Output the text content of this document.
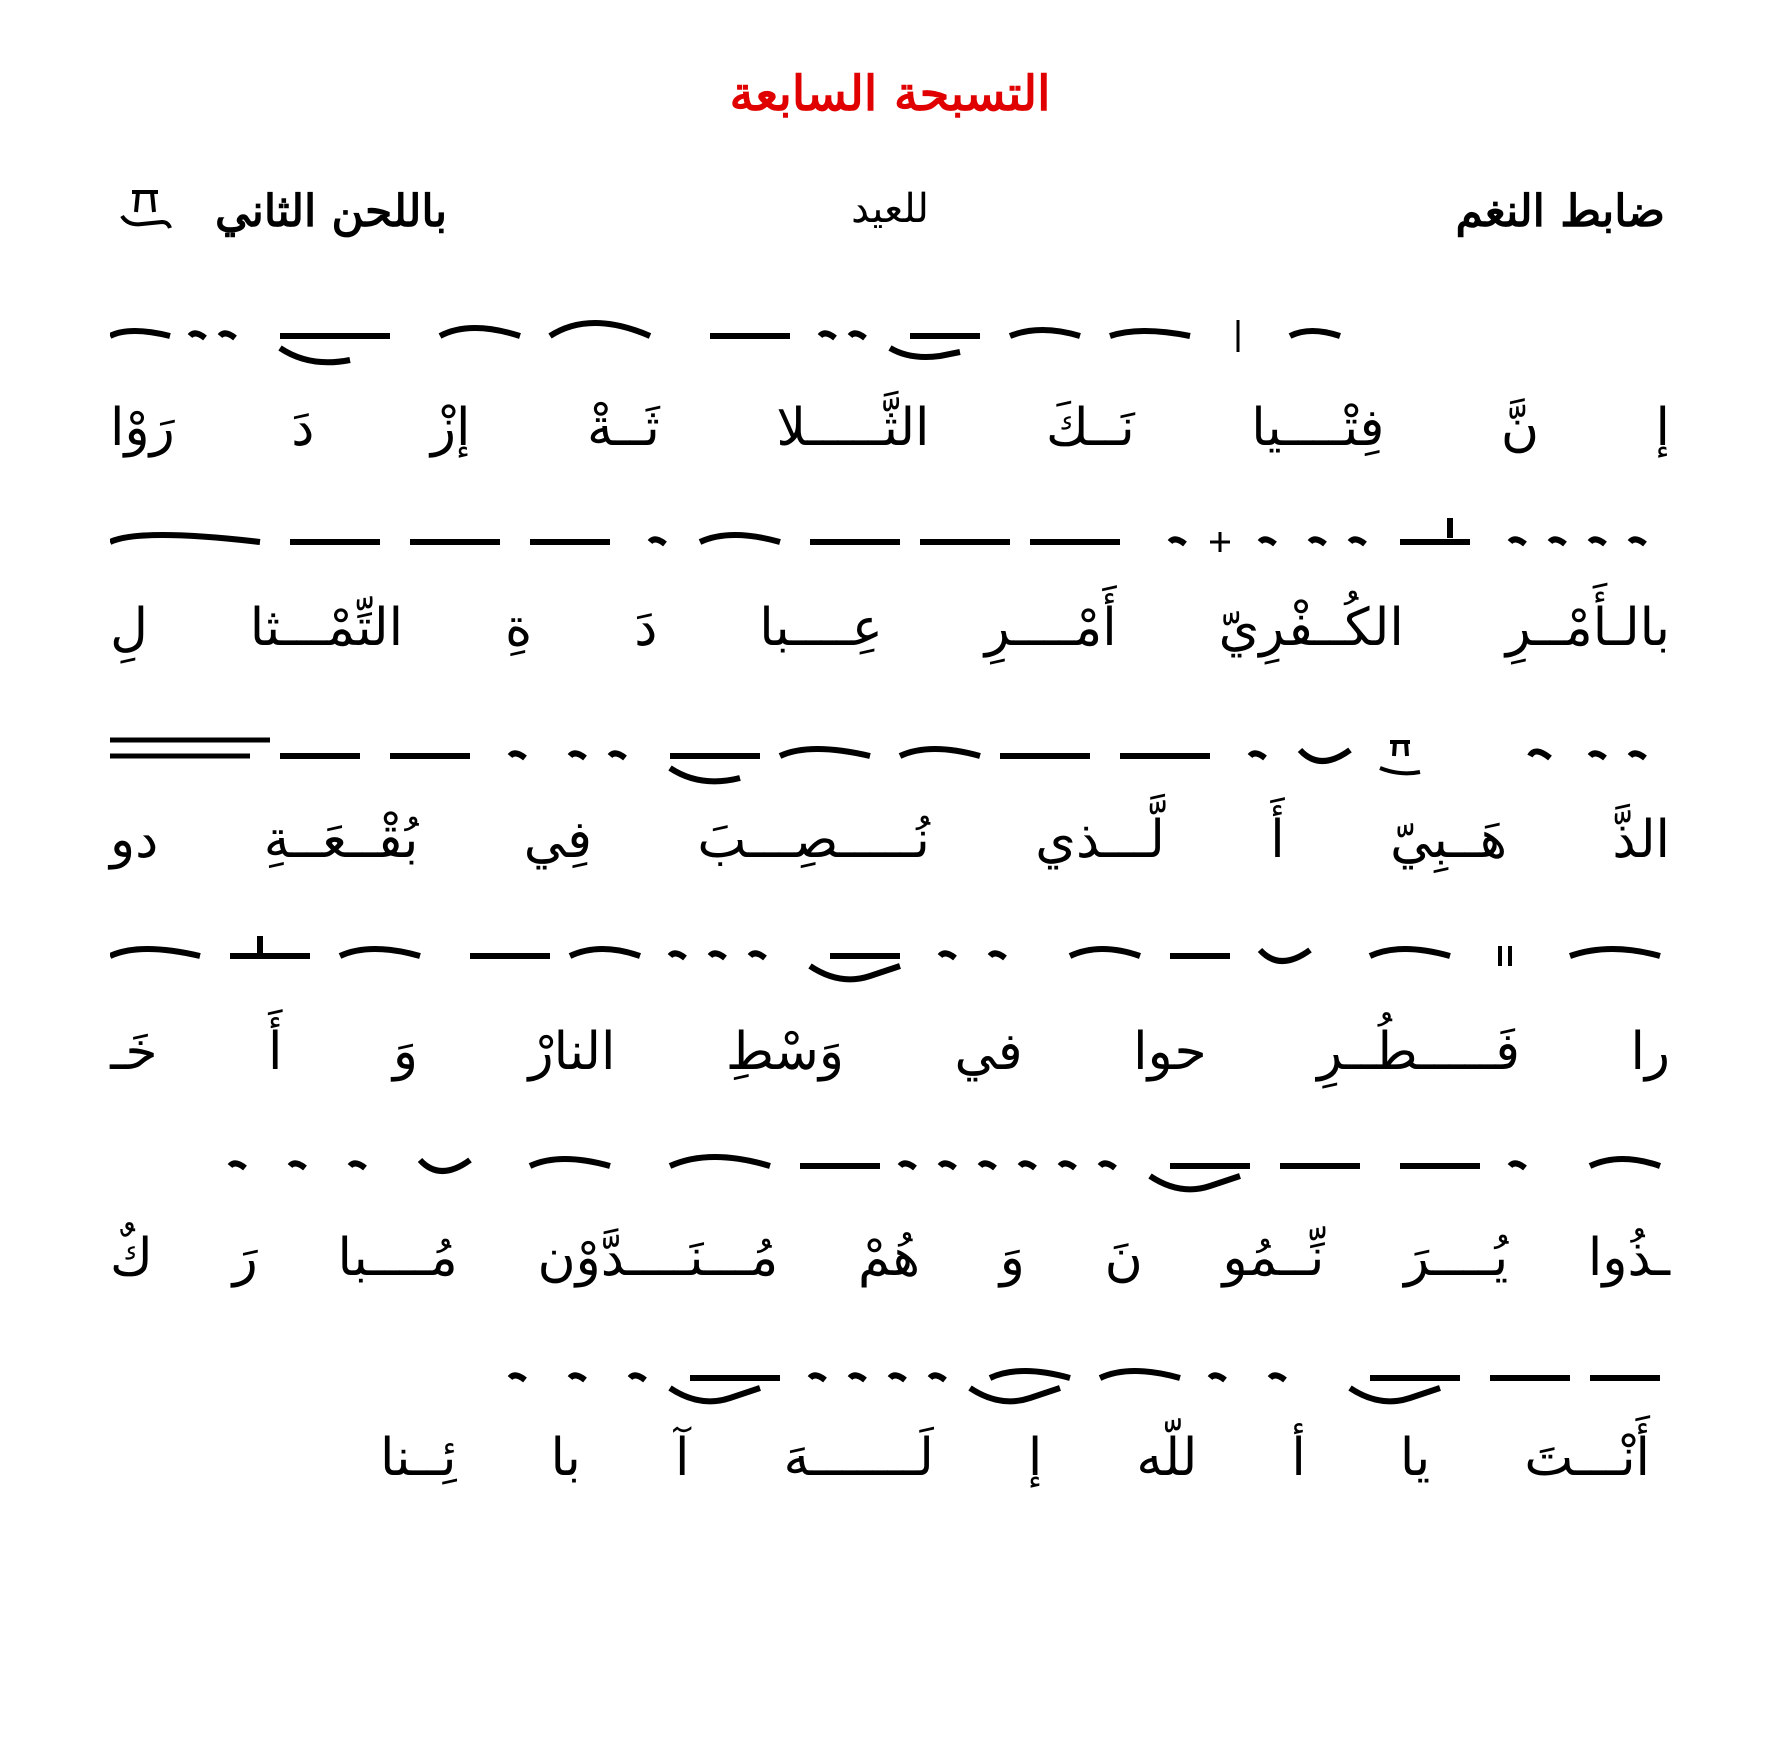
التسبحة السابعة
ضابط النغم
للعيد
باللحن الثاني
إ
نَّ
فِتْــــيا
نَــكَ
الثَّـــــلا
ثَــةْ
إزْ
دَ
رَوْا
بالـأَمْــرِ
الكُــفْرِيّ
أَمْــــرِ
عِــــبا
دَ
ةِ
التِّمْـــثا
لِ
الذَّ
هَــبِيّ
أَ
لَّـــذي
نُـــــصِـــبَ
فِي
بُقْــعَــةِ
دو
را
فَـــــطُــرِ
حوا
في
وَسْطِ
النارْ
وَ
أَ
خَـ
ـذُوا
يُــــرَ
نِّــمُو
نَ
وَ
هُمْ
مُـــنَــــدَّوْن
مُــــبا
رَ
كٌ
أَنْـــتَ
يا
أ
للّه
إ
لَـــــــهَ
آ
با
ئِــنا
